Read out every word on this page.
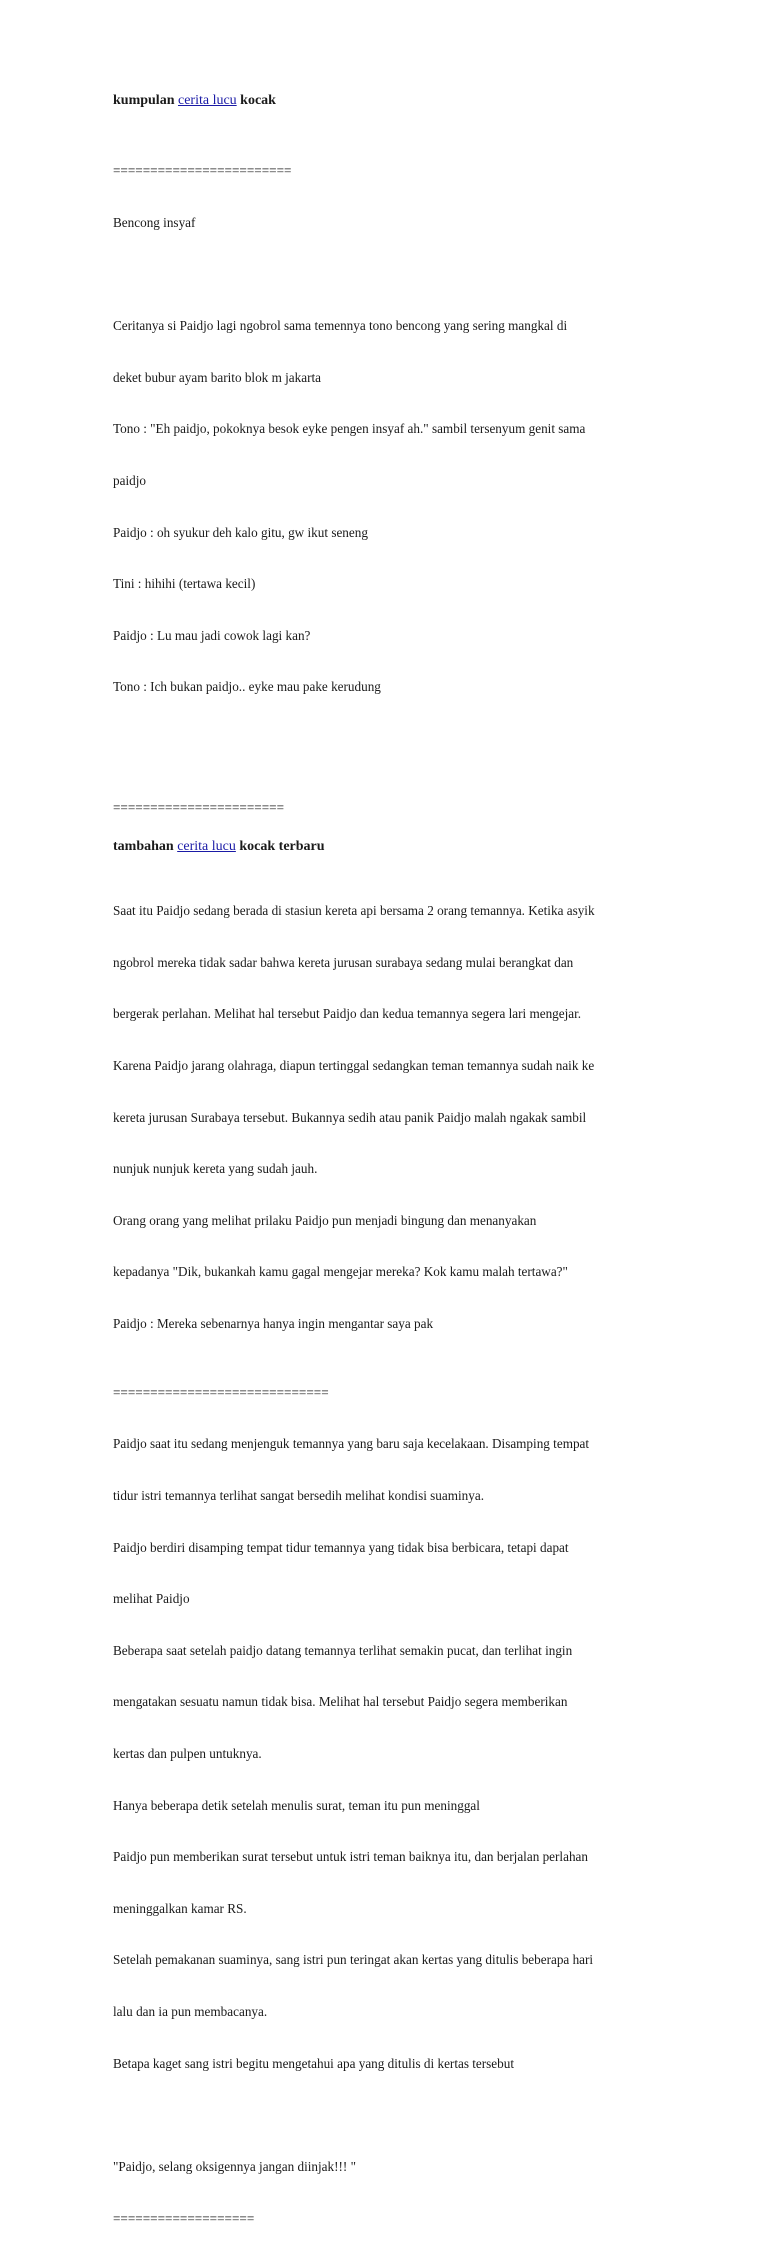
kumpulan cerita lucu kocak

========================

Bencong insyaf

Ceritanya si Paidjo lagi ngobrol sama temennya tono bencong yang sering mangkal di

deket bubur ayam barito blok m jakarta

Tono : "Eh paidjo, pokoknya besok eyke pengen insyaf ah." sambil tersenyum genit sama

paidjo

Paidjo : oh syukur deh kalo gitu, gw ikut seneng

Tini : hihihi (tertawa kecil)

Paidjo : Lu mau jadi cowok lagi kan?

Tono : Ich bukan paidjo.. eyke mau pake kerudung

=======================

Saat itu Paidjo sedang berada di stasiun kereta api bersama 2 orang temannya. Ketika asyik

ngobrol mereka tidak sadar bahwa kereta jurusan surabaya sedang mulai berangkat dan

bergerak perlahan. Melihat hal tersebut Paidjo dan kedua temannya segera lari mengejar.

Karena Paidjo jarang olahraga, diapun tertinggal sedangkan teman temannya sudah naik ke

kereta jurusan Surabaya tersebut. Bukannya sedih atau panik Paidjo malah ngakak sambil

nunjuk nunjuk kereta yang sudah jauh.

Orang orang yang melihat prilaku Paidjo pun menjadi bingung dan menanyakan

kepadanya "Dik, bukankah kamu gagal mengejar mereka? Kok kamu malah tertawa?"

Paidjo : Mereka sebenarnya hanya ingin mengantar saya pak

=============================

Paidjo saat itu sedang menjenguk temannya yang baru saja kecelakaan. Disamping tempat

tidur istri temannya terlihat sangat bersedih melihat kondisi suaminya.

Paidjo berdiri disamping tempat tidur temannya yang tidak bisa berbicara, tetapi dapat

melihat Paidjo

Beberapa saat setelah paidjo datang temannya terlihat semakin pucat, dan terlihat ingin

mengatakan sesuatu namun tidak bisa. Melihat hal tersebut Paidjo segera memberikan

kertas dan pulpen untuknya.

Hanya beberapa detik setelah menulis surat, teman itu pun meninggal

Paidjo pun memberikan surat tersebut untuk istri teman baiknya itu, dan berjalan perlahan

meninggalkan kamar RS.

Setelah pemakanan suaminya, sang istri pun teringat akan kertas yang ditulis beberapa hari

lalu dan ia pun membacanya.

Betapa kaget sang istri begitu mengetahui apa yang ditulis di kertas tersebut

"Paidjo, selang oksigennya jangan diinjak!!! "

===================

tambahan cerita lucu kocak terbaru
